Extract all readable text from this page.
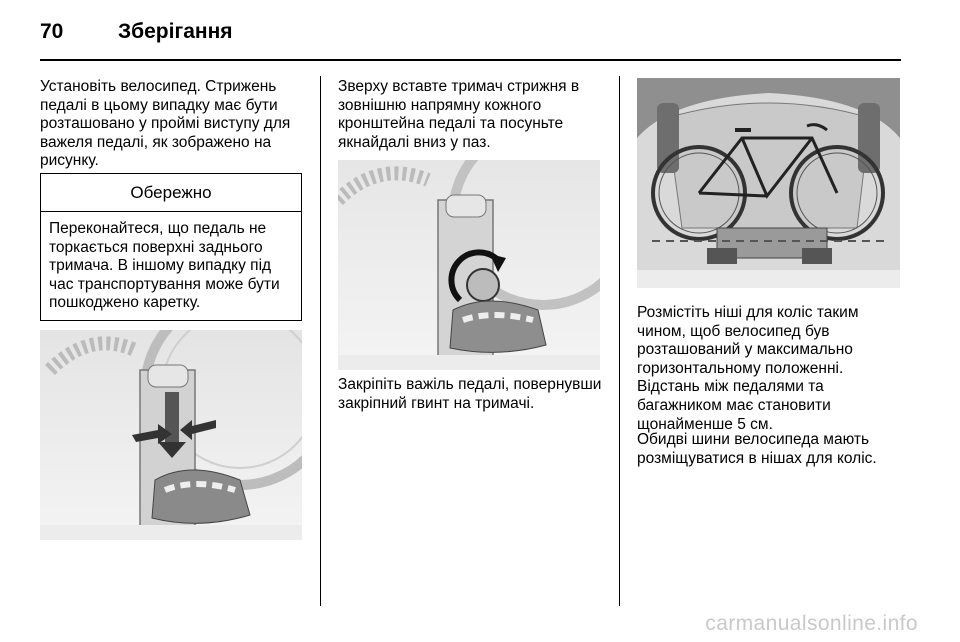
70	Зберігання

Установіть велосипед. Стрижень педалі в цьому випадку має бути розташовано у проймі виступу для важеля педалі, як зображено на рисунку.

Обережно

Переконайтеся, що педаль не торкається поверхні заднього тримача. В іншому випадку під час транспортування може бути пошкоджено каретку.

Зверху вставте тримач стрижня в зовнішню напрямну кожного кронштейна педалі та посуньте якнайдалі вниз у паз.

Закріпіть важіль педалі, повернувши закріпний гвинт на тримачі.

Розмістіть ніші для коліс таким чином, щоб велосипед був розташований у максимально горизонтальному положенні. Відстань між педалями та багажником має становити щонайменше 5 см.

Обидві шини велосипеда мають розміщуватися в нішах для коліс.

carmanualsonline.info
